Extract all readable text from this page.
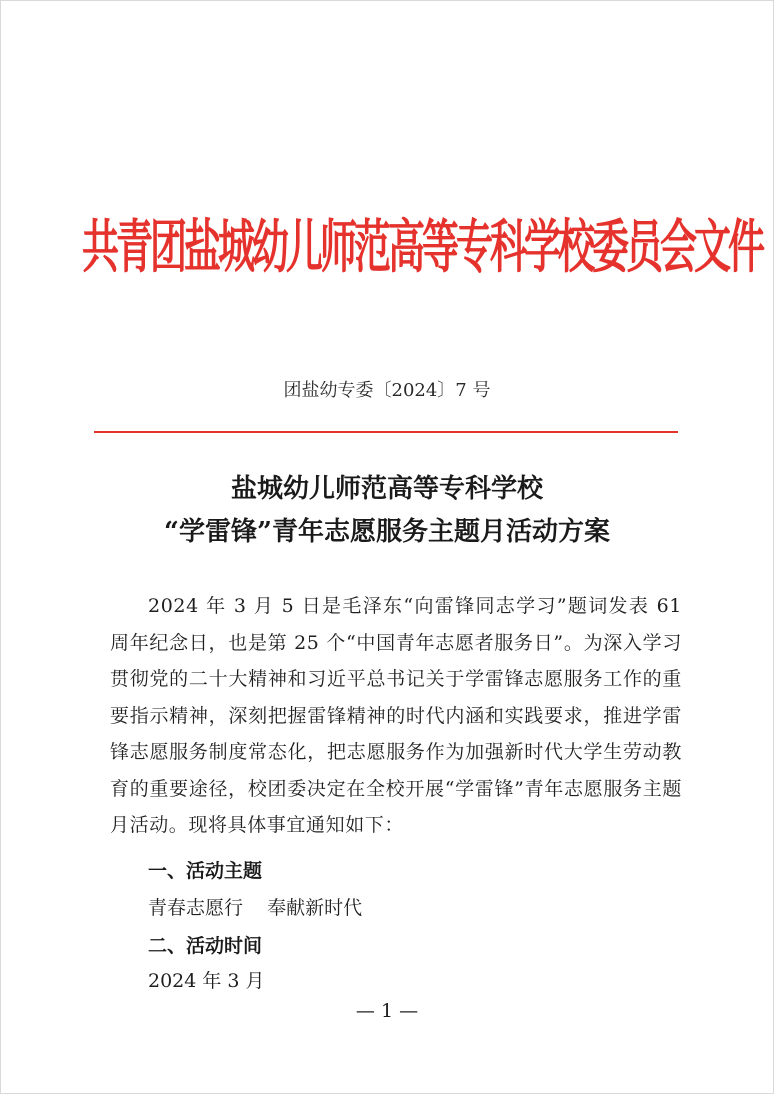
共青团盐城幼儿师范高等专科学校委员会文件
团盐幼专委〔2024〕7 号
盐城幼儿师范高等专科学校
“学雷锋”青年志愿服务主题月活动方案
2024 年 3 月 5 日是毛泽东“向雷锋同志学习”题词发表 61 周年纪念日，也是第 25 个“中国青年志愿者服务日”。为深入学习贯彻党的二十大精神和习近平总书记关于学雷锋志愿服务工作的重要指示精神，深刻把握雷锋精神的时代内涵和实践要求，推进学雷锋志愿服务制度常态化，把志愿服务作为加强新时代大学生劳动教育的重要途径，校团委决定在全校开展“学雷锋”青年志愿服务主题月活动。现将具体事宜通知如下：
一、活动主题
青春志愿行    奉献新时代
二、活动时间
2024 年 3 月
— 1 —
